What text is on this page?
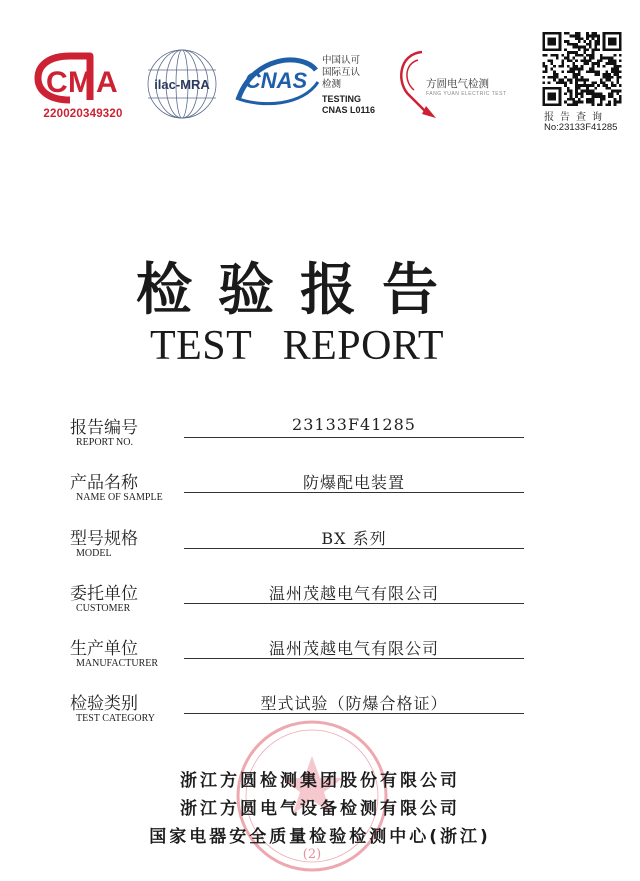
C M A
220020349320
ilac-MRA CNAS
中国认可
国际互认
检测
TESTING
CNAS L0116
方圆电气检测
FANG YUAN ELECTRIC TEST
报告查询
No:23133F41285
检验报告
TEST REPORT
报告编号
REPORT NO.
23133F41285
产品名称
NAME OF SAMPLE
防爆配电装置
型号规格
MODEL
BX 系列
委托单位
CUSTOMER
温州茂越电气有限公司
生产单位
MANUFACTURER
温州茂越电气有限公司
检验类别
TEST CATEGORY
型式试验（防爆合格证）
(2)
浙江方圆检测集团股份有限公司
浙江方圆电气设备检测有限公司
国家电器安全质量检验检测中心(浙江)
